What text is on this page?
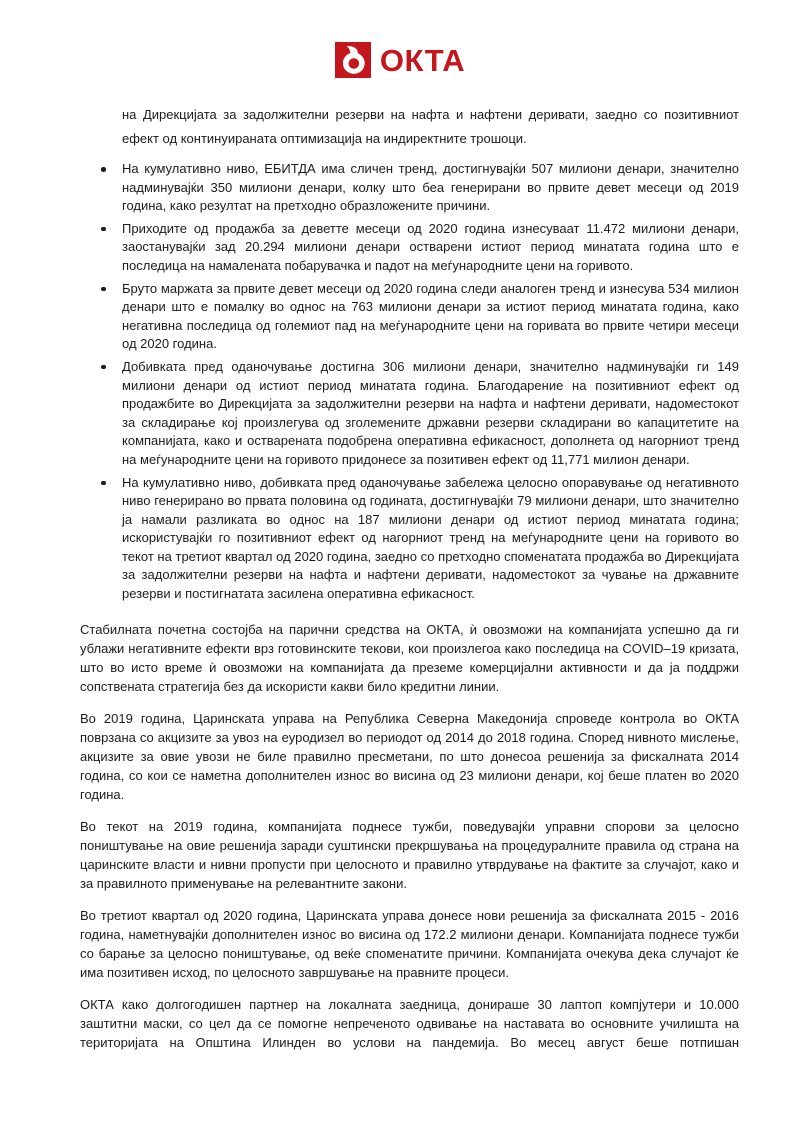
ОКТА

на Дирекцијата за задолжителни резерви на нафта и нафтени деривати, заедно со позитивниот ефект од континуираната оптимизација на индиректните трошоци.

На кумулативно ниво, ЕБИТДА има сличен тренд, достигнувајќи 507 милиони денари, значително надминувајќи 350 милиони денари, колку што беа генерирани во првите девет месеци од 2019 година, како резултат на претходно образложените причини.
Приходите од продажба за деветте месеци од 2020 година изнесуваат 11.472 милиони денари, заостанувајќи зад 20.294 милиони денари остварени истиот период минатата година што е последица на намалената побарувачка и падот на меѓународните цени на горивото.
Бруто маржата за првите девет месеци од 2020 година следи аналоген тренд и изнесува 534 милион денари што е помалку во однос на 763 милиони денари за истиот период минатата година, како негативна последица од големиот пад на меѓународните цени на горивата во првите четири месеци од 2020 година.
Добивката пред оданочување достигна 306 милиони денари, значително надминувајќи ги 149 милиони денари од истиот период минатата година. Благодарение на позитивниот ефект од продажбите во Дирекцијата за задолжителни резерви на нафта и нафтени деривати, надоместокот за складирање кој произлегува од зголемените државни резерви складирани во капацитетите на компанијата, како и остварената подобрена оперативна ефикасност, дополнета од нагорниот тренд на меѓународните цени на горивото придонесе за позитивен ефект од 11,771 милион денари.
На кумулативно ниво, добивката пред оданочување забележа целосно опоравување од негативното ниво генерирано во првата половина од годината, достигнувајќи 79 милиони денари, што значително ја намали разликата во однос на 187 милиони денари од истиот период минатата година; искористувајќи го позитивниот ефект од нагорниот тренд на меѓународните цени на горивото во текот на третиот квартал од 2020 година, заедно со претходно споменатата продажба во Дирекцијата за задолжителни резерви на нафта и нафтени деривати, надоместокот за чување на државните резерви и постигнатата засилена оперативна ефикасност.

Стабилната почетна состојба на парични средства на ОКТА, ѝ овозможи на компанијата успешно да ги ублажи негативните ефекти врз готовинските текови, кои произлегоа како последица на COVID–19 кризата, што во исто време ѝ овозможи на компанијата да преземе комерцијални активности и да ја поддржи сопствената стратегија без да искористи какви било кредитни линии.

Во 2019 година, Царинската управа на Република Северна Македонија спроведе контрола во ОКТА поврзана со акцизите за увоз на еуродизел во периодот од 2014 до 2018 година. Според нивното мислење, акцизите за овие увози не биле правилно пресметани, по што донесоа решенија за фискалната 2014 година, со кои се наметна дополнителен износ во висина од 23 милиони денари, кој беше платен во 2020 година.

Во текот на 2019 година, компанијата поднесе тужби, поведувајќи управни спорови за целосно поништување на овие решенија заради суштински прекршувања на процедуралните правила од страна на царинските власти и нивни пропусти при целосното и правилно утврдување на фактите за случајот, како и за правилното применување на релевантните закони.

Во третиот квартал од 2020 година, Царинската управа донесе нови решенија за фискалната 2015 - 2016 година, наметнувајќи дополнителен износ во висина од 172.2 милиони денари. Компанијата поднесе тужби со барање за целосно поништување, од веќе споменатите причини. Компанијата очекува дека случајот ќе има позитивен исход, по целосното завршување на правните процеси.

ОКТА како долгогодишен партнер на локалната заедница, донираше 30 лаптоп компјутери и 10.000 заштитни маски, со цел да се помогне непреченото одвивање на наставата во основните училишта на територијата на Општина Илинден во услови на пандемија. Во месец август беше потпишан
